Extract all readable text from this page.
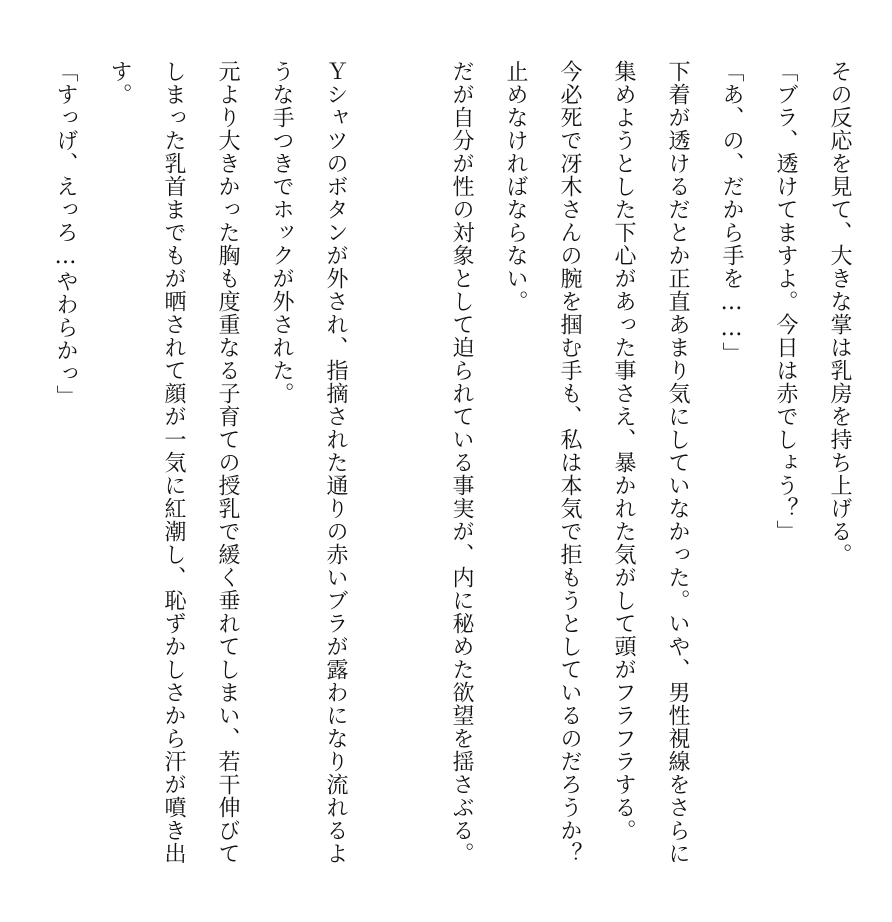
その反応を見て、大きな掌は乳房を持ち上げる。
「ブラ、透けてますよ。今日は赤でしょう？」
「あ、の、だから手を……」
下着が透けるだとか正直あまり気にしていなかった。いや、男性視線をさらに
集めようとした下心があった事さえ、暴かれた気がして頭がフラフラする。
今必死で冴木さんの腕を掴む手も、私は本気で拒もうとしているのだろうか？
止めなければならない。
だが自分が性の対象として迫られている事実が、内に秘めた欲望を揺さぶる。
Ｙシャツのボタンが外され、指摘された通りの赤いブラが露わになり流れるよ
うな手つきでホックが外された。
元より大きかった胸も度重なる子育ての授乳で緩く垂れてしまい、若干伸びて
しまった乳首までもが晒されて顔が一気に紅潮し、恥ずかしさから汗が噴き出
す。
「すっげ、えっろ…やわらかっ」
